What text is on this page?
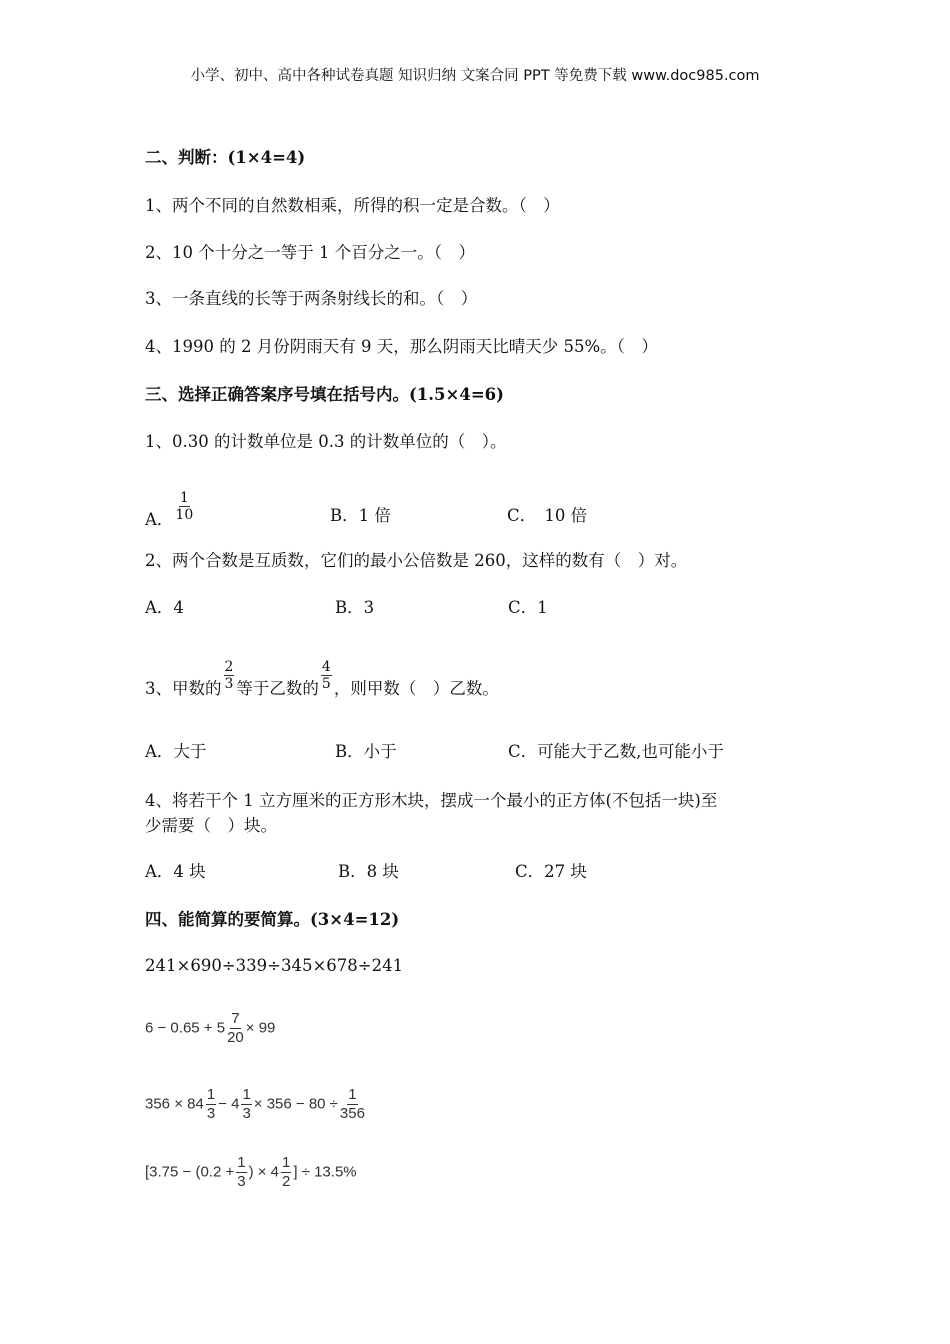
小学、初中、高中各种试卷真题 知识归纳 文案合同 PPT 等免费下载 www.doc985.com
二、判断：(1×4=4)
1、两个不同的自然数相乘，所得的积一定是合数。（　）
2、10 个十分之一等于 1 个百分之一。（　）
3、一条直线的长等于两条射线长的和。（　）
4、1990 的 2 月份阴雨天有 9 天，那么阴雨天比晴天少 55%。（　）
三、选择正确答案序号填在括号内。(1.5×4=6)
1、0.30 的计数单位是 0.3 的计数单位的（　）。
A． $\frac{1}{10}$	B．1 倍	C．　10 倍
2、两个合数是互质数，它们的最小公倍数是 260，这样的数有（　）对。
A．4	B．3	C．1
3、甲数的 $\frac{2}{3}$ 等于乙数的 $\frac{4}{5}$ ，则甲数（　）乙数。
A．大于	B．小于	C．可能大于乙数,也可能小于
4、将若干个 1 立方厘米的正方形木块，摆成一个最小的正方体(不包括一块)至
少需要（　）块。
A．4 块	B．8 块	C．27 块
四、能简算的要简算。(3×4=12)
241×690÷339÷345×678÷241
$6 - 0.65 + 5 \frac{7}{20} \times 99$
$356 \times 84 \frac{1}{3} - 4 \frac{1}{3} \times 356 - 80 \div \frac{1}{356}$
[$3.75 - (0.2 + \frac{1}{3}$ ) × $4 \frac{1}{2}$ ] ÷ 13.5%
